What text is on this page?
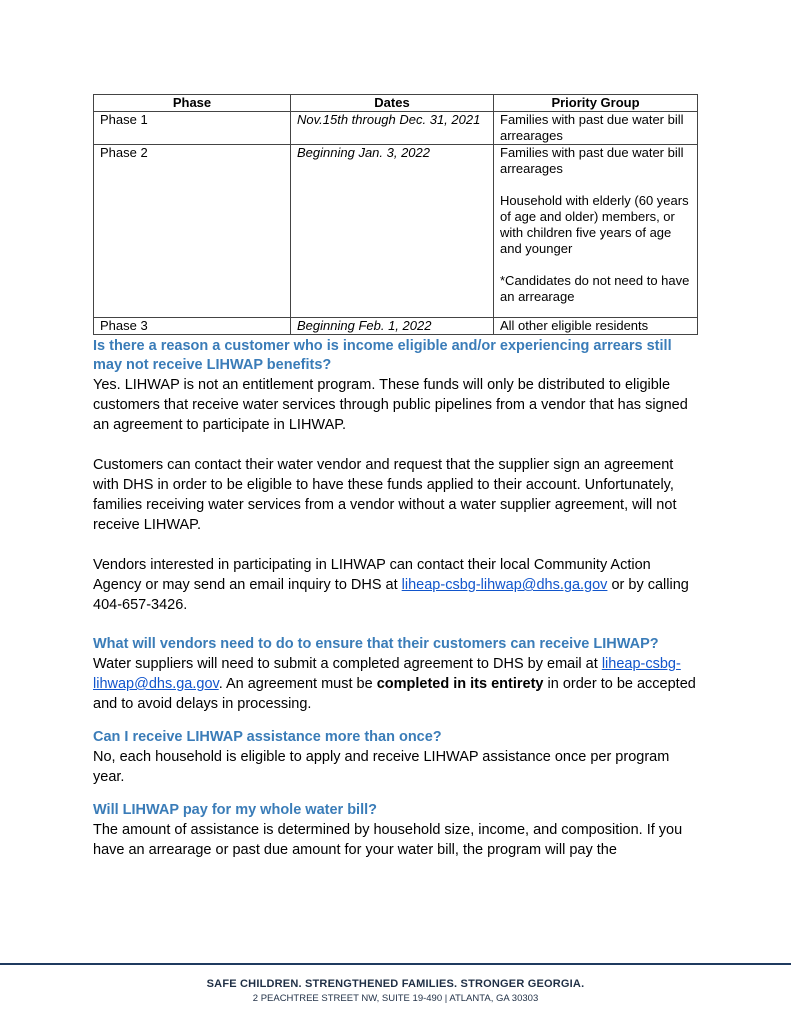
Phase	Dates	Priority Group
Phase 1	Nov.15th through Dec. 31, 2021	Families with past due water bill arrearages

Phase 2	Beginning Jan. 3, 2022	Families with past due water bill arrearages
Household with elderly (60 years of age and older) members, or with children five years of age and younger
*Candidates do not need to have an arrearage

Phase 3	Beginning Feb. 1, 2022	All other eligible residents
Is there a reason a customer who is income eligible and/or experiencing arrears still may not receive LIHWAP benefits?

Yes. LIHWAP is not an entitlement program. These funds will only be distributed to eligible customers that receive water services through public pipelines from a vendor that has signed an agreement to participate in LIHWAP.

Customers can contact their water vendor and request that the supplier sign an agreement with DHS in order to be eligible to have these funds applied to their account. Unfortunately, families receiving water services from a vendor without a water supplier agreement, will not receive LIHWAP.

Vendors interested in participating in LIHWAP can contact their local Community Action Agency or may send an email inquiry to DHS at liheap-csbg-lihwap@dhs.ga.gov or by calling 404-657-3426.

What will vendors need to do to ensure that their customers can receive LIHWAP?

Water suppliers will need to submit a completed agreement to DHS by email at liheap-csbg-lihwap@dhs.ga.gov. An agreement must be completed in its entirety in order to be accepted and to avoid delays in processing.

Can I receive LIHWAP assistance more than once?

No, each household is eligible to apply and receive LIHWAP assistance once per program year.

Will LIHWAP pay for my whole water bill?

The amount of assistance is determined by household size, income, and composition. If you have an arrearage or past due amount for your water bill, the program will pay the

SAFE CHILDREN. STRENGTHENED FAMILIES. STRONGER GEORGIA.
2 PEACHTREE STREET NW, SUITE 19-490 | ATLANTA, GA 30303
